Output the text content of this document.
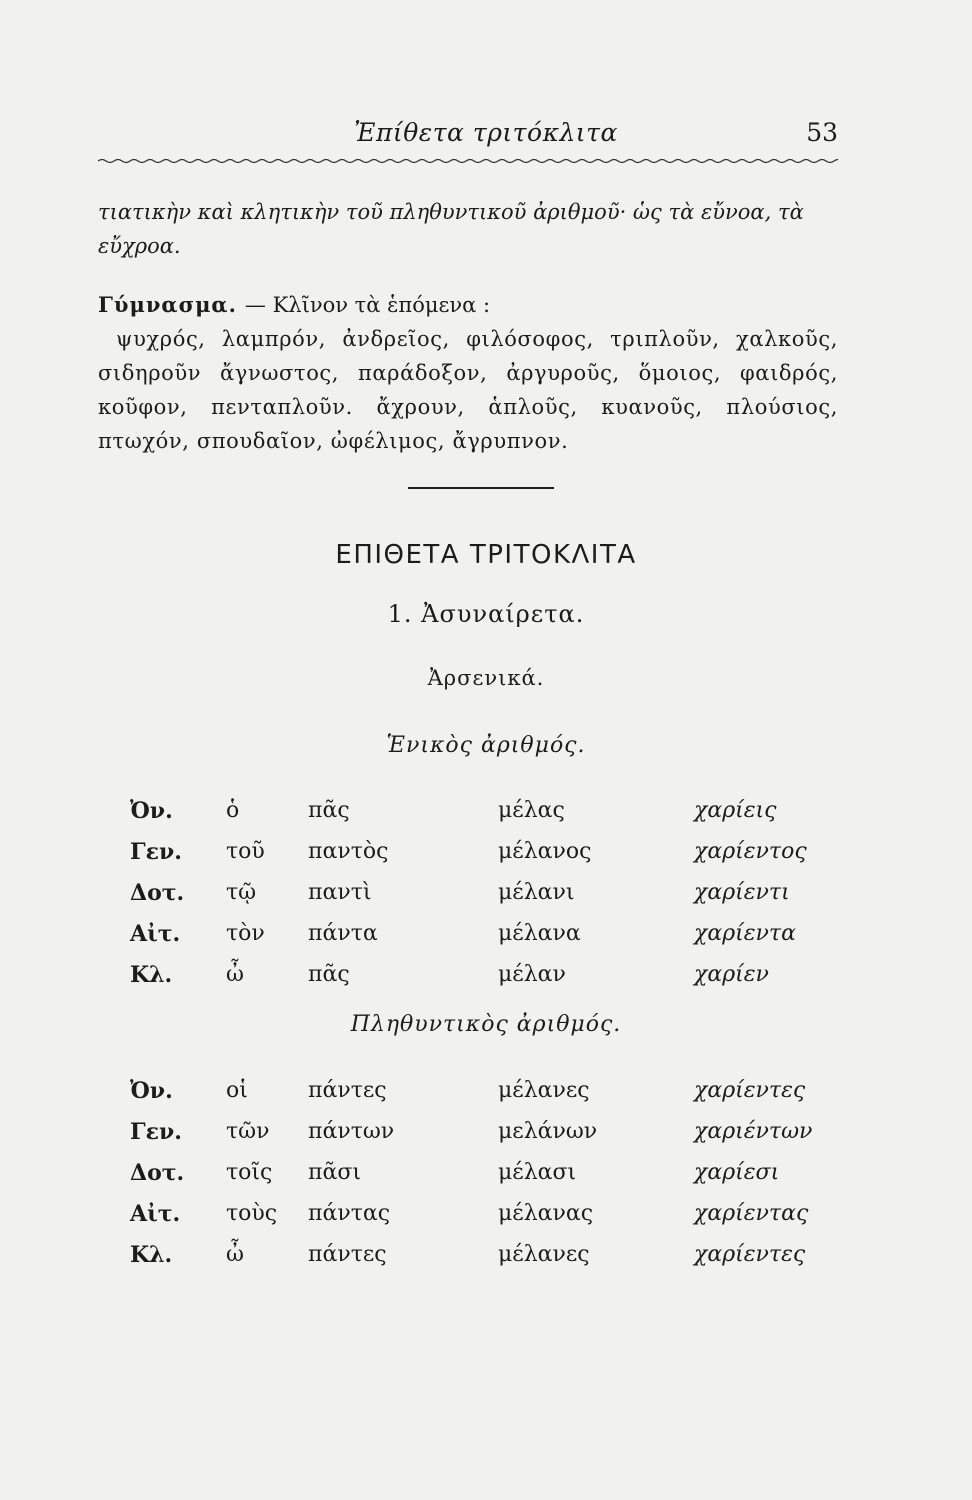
Ἐπίθετα τριτόκλιτα	53

τιατικὴν καὶ κλητικὴν τοῦ πληθυντικοῦ ἀριθμοῦ· ὡς τὰ εὔνοα, τὰ εὔχροα.

Γύμνασμα. — Κλῖνον τὰ ἑπόμενα :
ψυχρός, λαμπρόν, ἀνδρεῖος, φιλόσοφος, τριπλοῦν, χαλκοῦς, σιδηροῦν ἄγνωστος, παράδοξον, ἀργυροῦς, ὅμοιος, φαιδρός, κοῦφον, πενταπλοῦν. ἄχρουν, ἁπλοῦς, κυανοῦς, πλούσιος, πτωχόν, σπουδαῖον, ὠφέλιμος, ἄγρυπνον.

ΕΠΙΘΕΤΑ ΤΡΙΤΟΚΛΙΤΑ
1. Ἀσυναίρετα.
Ἀρσενικά.
Ἑνικὸς ἀριθμός.
Ὀν.	ὁ	πᾶς	μέλας	χαρίεις
Γεν.	τοῦ	παντὸς	μέλανος	χαρίεντος
Δοτ.	τῷ	παντὶ	μέλανι	χαρίεντι
Αἰτ.	τὸν	πάντα	μέλανα	χαρίεντα
Κλ.	ὦ	πᾶς	μέλαν	χαρίεν
Πληθυντικὸς ἀριθμός.
Ὀν.	οἱ	πάντες	μέλανες	χαρίεντες
Γεν.	τῶν	πάντων	μελάνων	χαριέντων
Δοτ.	τοῖς	πᾶσι	μέλασι	χαρίεσι
Αἰτ.	τοὺς	πάντας	μέλανας	χαρίεντας
Κλ.	ὦ	πάντες	μέλανες	χαρίεντες
